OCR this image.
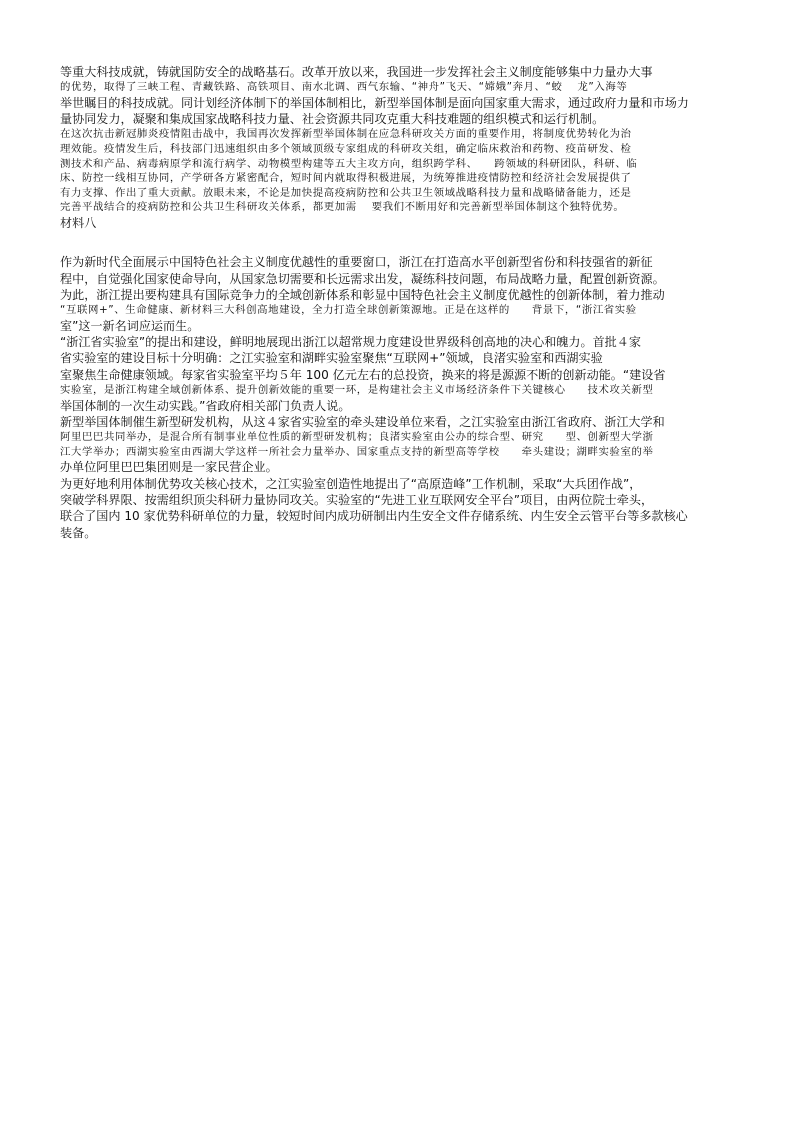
等重大科技成就，铸就国防安全的战略基石。改革开放以来，我国进一步发挥社会主义制度能够集中力量办大事

的优势，取得了三峡工程、青藏铁路、高铁项目、南水北调、西气东输、“神舟”飞天、“嫦娥”奔月、“蛟　 龙”入海等

举世瞩目的科技成就。同计划经济体制下的举国体制相比，新型举国体制是面向国家重大需求，通过政府力量和市场力

量协同发力，凝聚和集成国家战略科技力量、社会资源共同攻克重大科技难题的组织模式和运行机制。

在这次抗击新冠肺炎疫情阻击战中，我国再次发挥新型举国体制在应急科研攻关方面的重要作用，将制度优势转化为治

理效能。疫情发生后，科技部门迅速组织由多个领域顶级专家组成的科研攻关组，确定临床救治和药物、疫苗研发、检

测技术和产品、病毒病原学和流行病学、动物模型构建等五大主攻方向，组织跨学科、　　跨领域的科研团队，科研、临

床、防控一线相互协同，产学研各方紧密配合，短时间内就取得积极进展，为统筹推进疫情防控和经济社会发展提供了

有力支撑、作出了重大贡献。放眼未来，不论是加快提高疫病防控和公共卫生领域战略科技力量和战略储备能力，还是

完善平战结合的疫病防控和公共卫生科研攻关体系，都更加需　 要我们不断用好和完善新型举国体制这个独特优势。

材料八

作为新时代全面展示中国特色社会主义制度优越性的重要窗口，浙江在打造高水平创新型省份和科技强省的新征

程中，自觉强化国家使命导向，从国家急切需要和长远需求出发，凝练科技问题，布局战略力量，配置创新资源。

为此，浙江提出要构建具有国际竞争力的全域创新体系和彰显中国特色社会主义制度优越性的创新体制，着力推动

“互联网+”、生命健康、新材料三大科创高地建设，全力打造全球创新策源地。正是在这样的　　背景下，“浙江省实验

室”这一新名词应运而生。

“浙江省实验室”的提出和建设，鲜明地展现出浙江以超常规力度建设世界级科创高地的决心和魄力。首批４家

省实验室的建设目标十分明确：之江实验室和湖畔实验室聚焦“互联网+”领域，良渚实验室和西湖实验

室聚焦生命健康领域。每家省实验室平均５年 100 亿元左右的总投资，换来的将是源源不断的创新动能。“建设省

实验室，是浙江构建全域创新体系、提升创新效能的重要一环，是构建社会主义市场经济条件下关键核心　　技术攻关新型

举国体制的一次生动实践。”省政府相关部门负责人说。

新型举国体制催生新型研发机构，从这４家省实验室的牵头建设单位来看，之江实验室由浙江省政府、浙江大学和

阿里巴巴共同举办，是混合所有制事业单位性质的新型研发机构；良渚实验室由公办的综合型、研究　　型、创新型大学浙

江大学举办；西湖实验室由西湖大学这样一所社会力量举办、国家重点支持的新型高等学校　　牵头建设；湖畔实验室的举

办单位阿里巴巴集团则是一家民营企业。

为更好地利用体制优势攻关核心技术，之江实验室创造性地提出了“高原造峰”工作机制，采取“大兵团作战”，

突破学科界限、按需组织顶尖科研力量协同攻关。实验室的“先进工业互联网安全平台”项目，由两位院士牵头，

联合了国内 10 家优势科研单位的力量，较短时间内成功研制出内生安全文件存储系统、内生安全云管平台等多款核心

装备。
